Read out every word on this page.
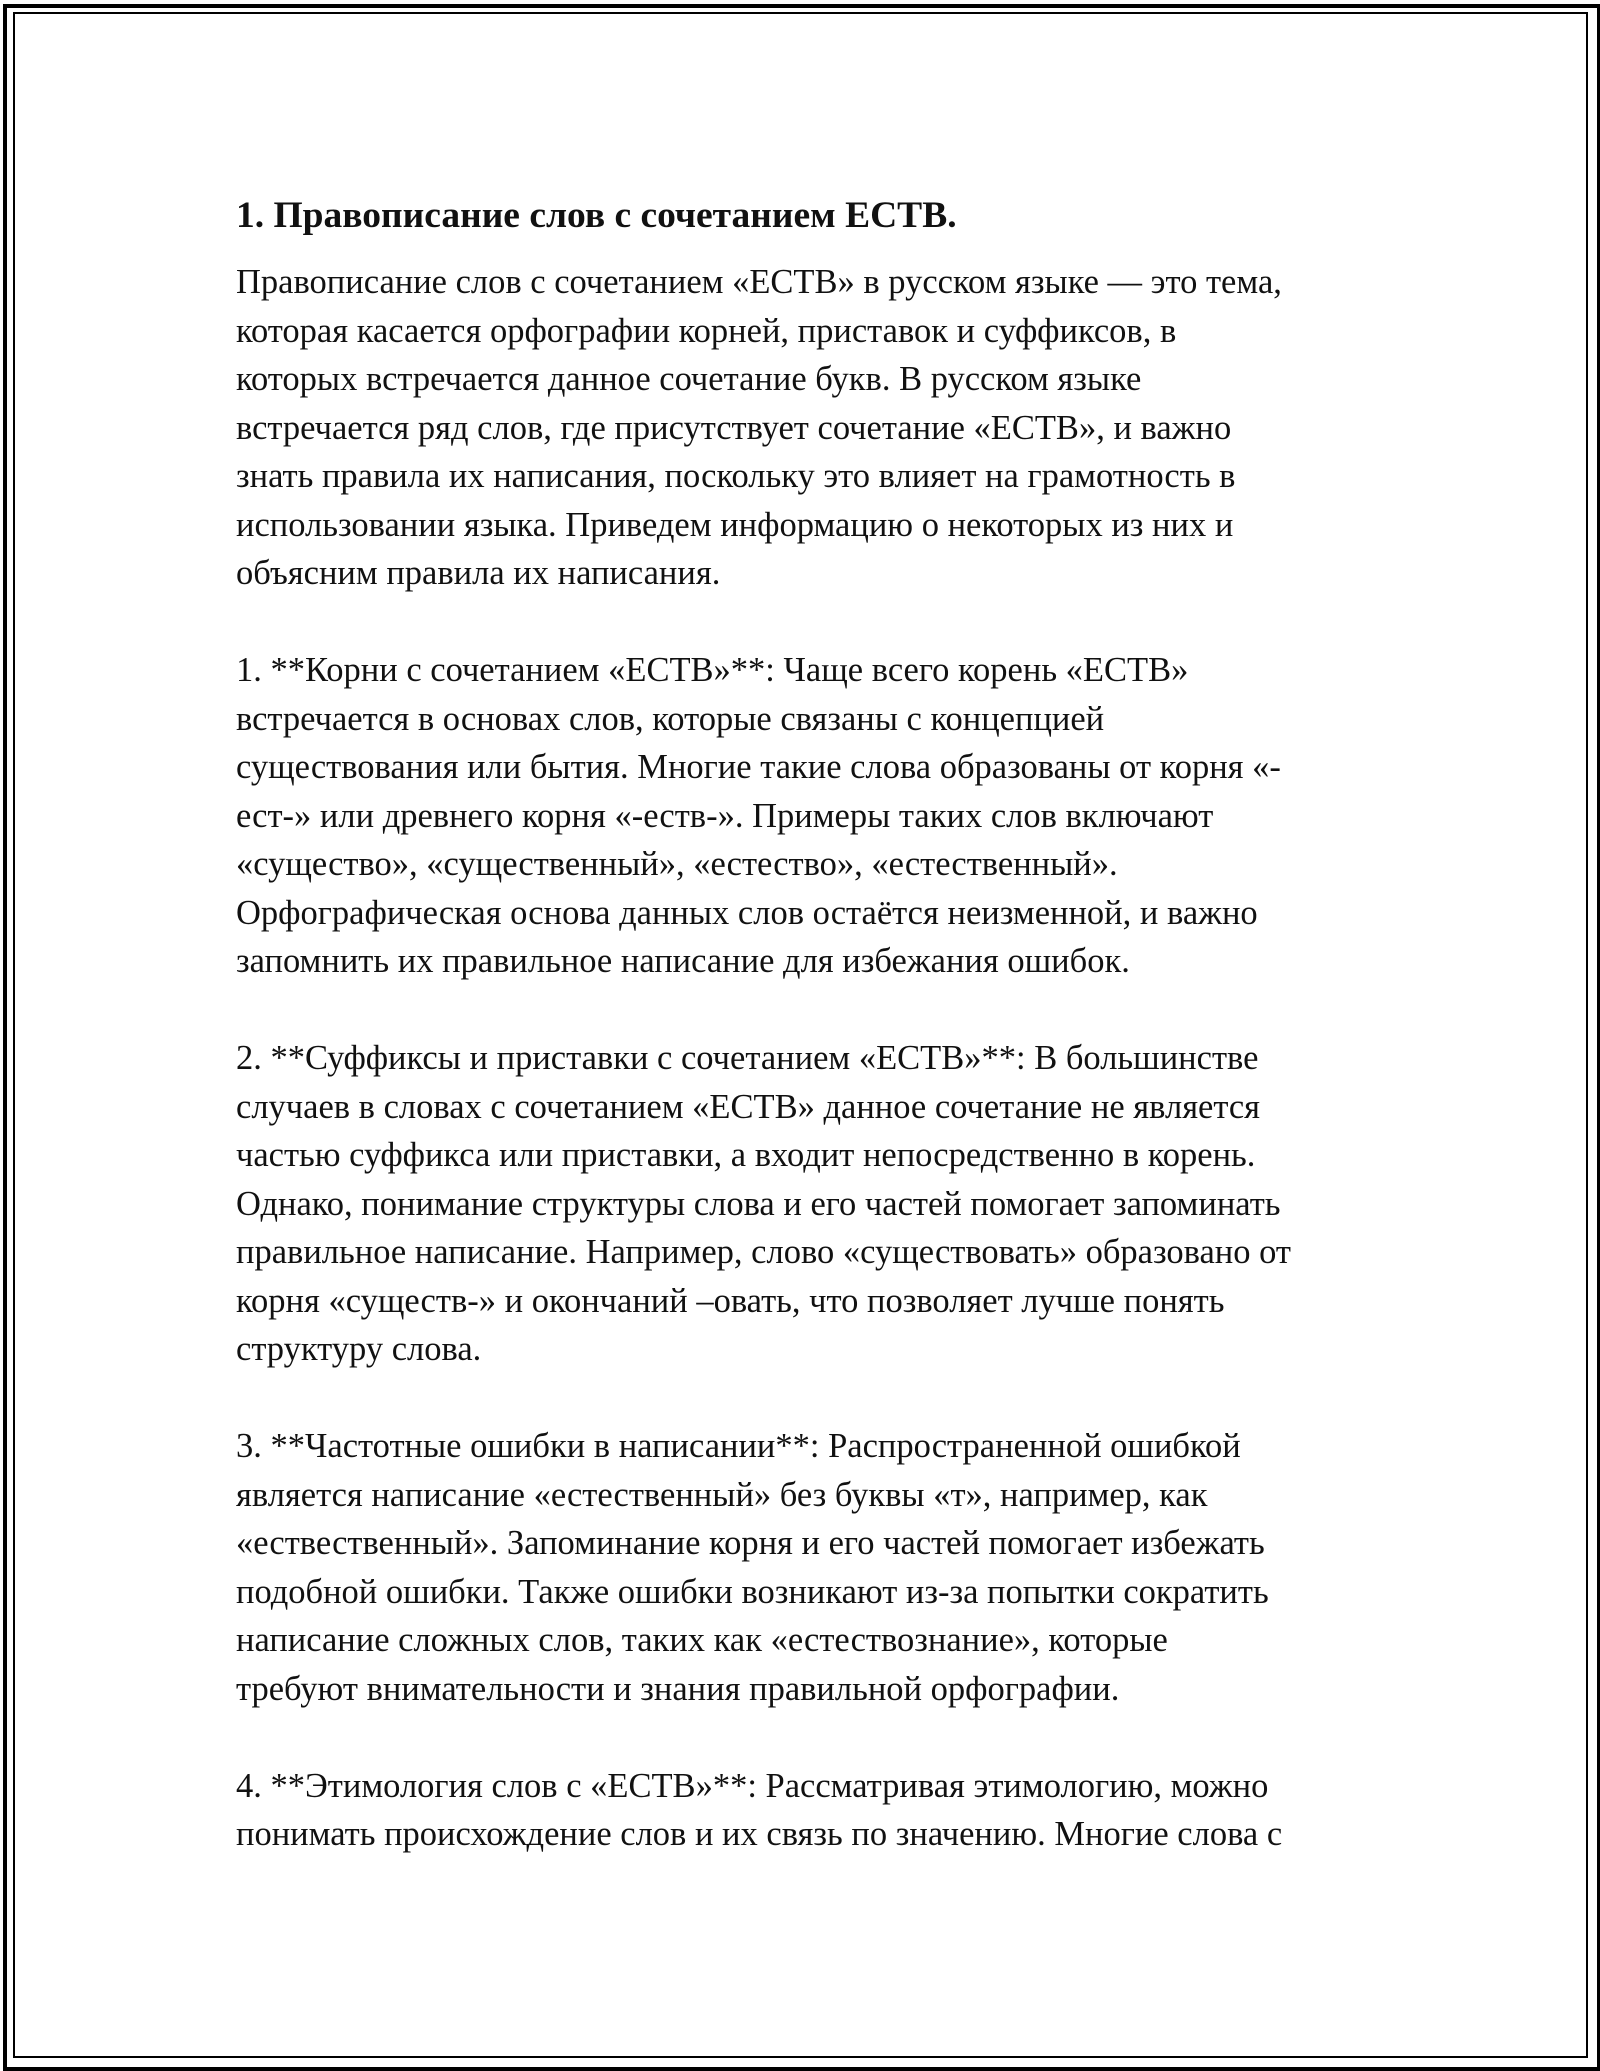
1. Правописание слов с сочетанием ЕСТВ.
Правописание слов с сочетанием «ЕСТВ» в русском языке — это тема,
которая касается орфографии корней, приставок и суффиксов, в
которых встречается данное сочетание букв. В русском языке
встречается ряд слов, где присутствует сочетание «ЕСТВ», и важно
знать правила их написания, поскольку это влияет на грамотность в
использовании языка. Приведем информацию о некоторых из них и
объясним правила их написания.
1. **Корни с сочетанием «ЕСТВ»**: Чаще всего корень «ЕСТВ»
встречается в основах слов, которые связаны с концепцией
существования или бытия. Многие такие слова образованы от корня «-
ест-» или древнего корня «-еств-». Примеры таких слов включают
«существо», «существенный», «естество», «естественный».
Орфографическая основа данных слов остаётся неизменной, и важно
запомнить их правильное написание для избежания ошибок.
2. **Суффиксы и приставки с сочетанием «ЕСТВ»**: В большинстве
случаев в словах с сочетанием «ЕСТВ» данное сочетание не является
частью суффикса или приставки, а входит непосредственно в корень.
Однако, понимание структуры слова и его частей помогает запоминать
правильное написание. Например, слово «существовать» образовано от
корня «существ-» и окончаний –овать, что позволяет лучше понять
структуру слова.
3. **Частотные ошибки в написании**: Распространенной ошибкой
является написание «естественный» без буквы «т», например, как
«ествественный». Запоминание корня и его частей помогает избежать
подобной ошибки. Также ошибки возникают из-за попытки сократить
написание сложных слов, таких как «естествознание», которые
требуют внимательности и знания правильной орфографии.
4. **Этимология слов с «ЕСТВ»**: Рассматривая этимологию, можно
понимать происхождение слов и их связь по значению. Многие слова с
